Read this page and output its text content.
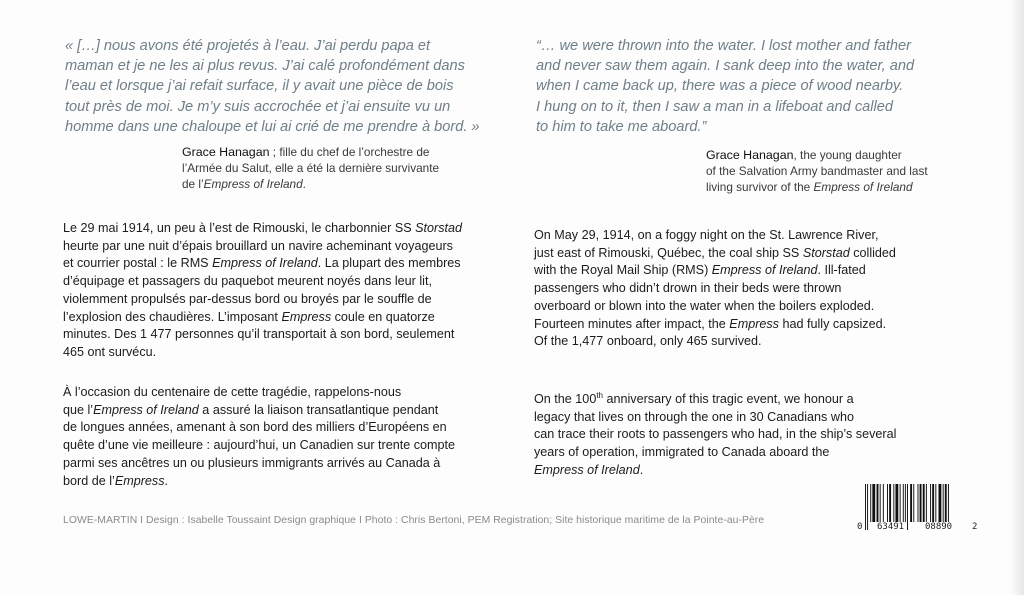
« […] nous avons été projetés à l’eau. J’ai perdu papa et
maman et je ne les ai plus revus. J’ai calé profondément dans
l’eau et lorsque j’ai refait surface, il y avait une pièce de bois
tout près de moi. Je m’y suis accrochée et j’ai ensuite vu un
homme dans une chaloupe et lui ai crié de me prendre à bord. »

Grace Hanagan ; fille du chef de l’orchestre de
l’Armée du Salut, elle a été la dernière survivante
de l’Empress of Ireland.

“… we were thrown into the water. I lost mother and father
and never saw them again. I sank deep into the water, and
when I came back up, there was a piece of wood nearby.
I hung on to it, then I saw a man in a lifeboat and called
to him to take me aboard.”

Grace Hanagan, the young daughter
of the Salvation Army bandmaster and last
living survivor of the Empress of Ireland

Le 29 mai 1914, un peu à l’est de Rimouski, le charbonnier SS Storstad
heurte par une nuit d’épais brouillard un navire acheminant voyageurs
et courrier postal : le RMS Empress of Ireland. La plupart des membres
d’équipage et passagers du paquebot meurent noyés dans leur lit,
violemment propulsés par-dessus bord ou broyés par le souffle de
l’explosion des chaudières. L’imposant Empress coule en quatorze
minutes. Des 1 477 personnes qu’il transportait à son bord, seulement
465 ont survécu.

À l’occasion du centenaire de cette tragédie, rappelons-nous
que l’Empress of Ireland a assuré la liaison transatlantique pendant
de longues années, amenant à son bord des milliers d’Européens en
quête d’une vie meilleure : aujourd’hui, un Canadien sur trente compte
parmi ses ancêtres un ou plusieurs immigrants arrivés au Canada à
bord de l’Empress.

On May 29, 1914, on a foggy night on the St. Lawrence River,
just east of Rimouski, Québec, the coal ship SS Storstad collided
with the Royal Mail Ship (RMS) Empress of Ireland. Ill-fated
passengers who didn’t drown in their beds were thrown
overboard or blown into the water when the boilers exploded.
Fourteen minutes after impact, the Empress had fully capsized.
Of the 1,477 onboard, only 465 survived.

On the 100th anniversary of this tragic event, we honour a
legacy that lives on through the one in 30 Canadians who
can trace their roots to passengers who had, in the ship’s several
years of operation, immigrated to Canada aboard the
Empress of Ireland.

LOWE-MARTIN I Design : Isabelle Toussaint Design graphique I Photo : Chris Bertoni, PEM Registration; Site historique maritime de la Pointe-au-Père
0 63491 08890 2
